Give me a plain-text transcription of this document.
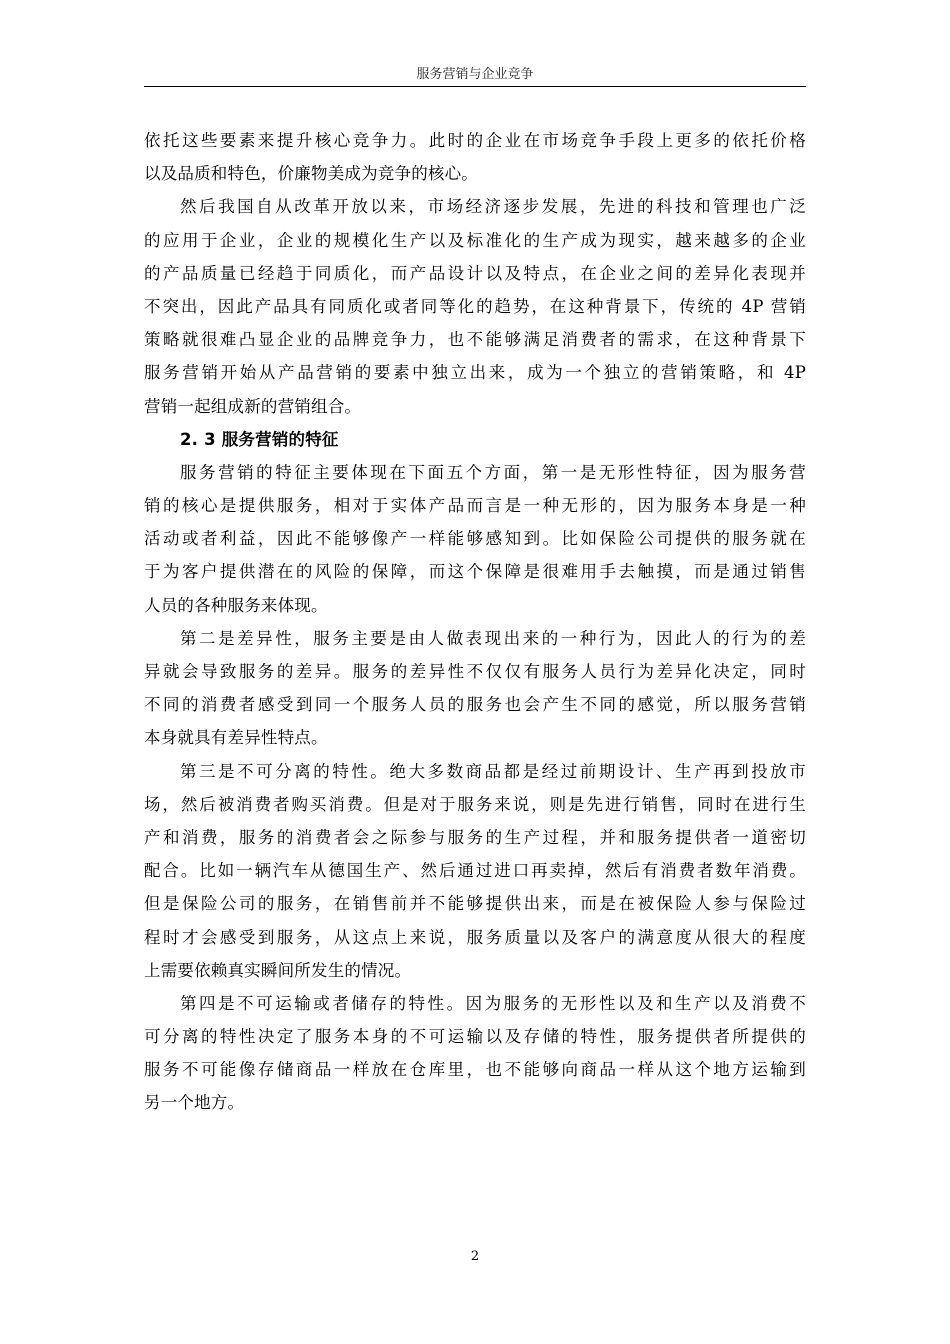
服务营销与企业竞争
依托这些要素来提升核心竞争力。此时的企业在市场竞争手段上更多的依托价格
以及品质和特色，价廉物美成为竞争的核心。
然后我国自从改革开放以来，市场经济逐步发展，先进的科技和管理也广泛
的应用于企业，企业的规模化生产以及标准化的生产成为现实，越来越多的企业
的产品质量已经趋于同质化，而产品设计以及特点，在企业之间的差异化表现并
不突出，因此产品具有同质化或者同等化的趋势，在这种背景下，传统的 4P 营销
策略就很难凸显企业的品牌竞争力，也不能够满足消费者的需求，在这种背景下
服务营销开始从产品营销的要素中独立出来，成为一个独立的营销策略，和 4P
营销一起组成新的营销组合。
2. 3 服务营销的特征
服务营销的特征主要体现在下面五个方面，第一是无形性特征，因为服务营
销的核心是提供服务，相对于实体产品而言是一种无形的，因为服务本身是一种
活动或者利益，因此不能够像产一样能够感知到。比如保险公司提供的服务就在
于为客户提供潜在的风险的保障，而这个保障是很难用手去触摸，而是通过销售
人员的各种服务来体现。
第二是差异性，服务主要是由人做表现出来的一种行为，因此人的行为的差
异就会导致服务的差异。服务的差异性不仅仅有服务人员行为差异化决定，同时
不同的消费者感受到同一个服务人员的服务也会产生不同的感觉，所以服务营销
本身就具有差异性特点。
第三是不可分离的特性。绝大多数商品都是经过前期设计、生产再到投放市
场，然后被消费者购买消费。但是对于服务来说，则是先进行销售，同时在进行生
产和消费，服务的消费者会之际参与服务的生产过程，并和服务提供者一道密切
配合。比如一辆汽车从德国生产、然后通过进口再卖掉，然后有消费者数年消费。
但是保险公司的服务，在销售前并不能够提供出来，而是在被保险人参与保险过
程时才会感受到服务，从这点上来说，服务质量以及客户的满意度从很大的程度
上需要依赖真实瞬间所发生的情况。
第四是不可运输或者储存的特性。因为服务的无形性以及和生产以及消费不
可分离的特性决定了服务本身的不可运输以及存储的特性，服务提供者所提供的
服务不可能像存储商品一样放在仓库里，也不能够向商品一样从这个地方运输到
另一个地方。
2
